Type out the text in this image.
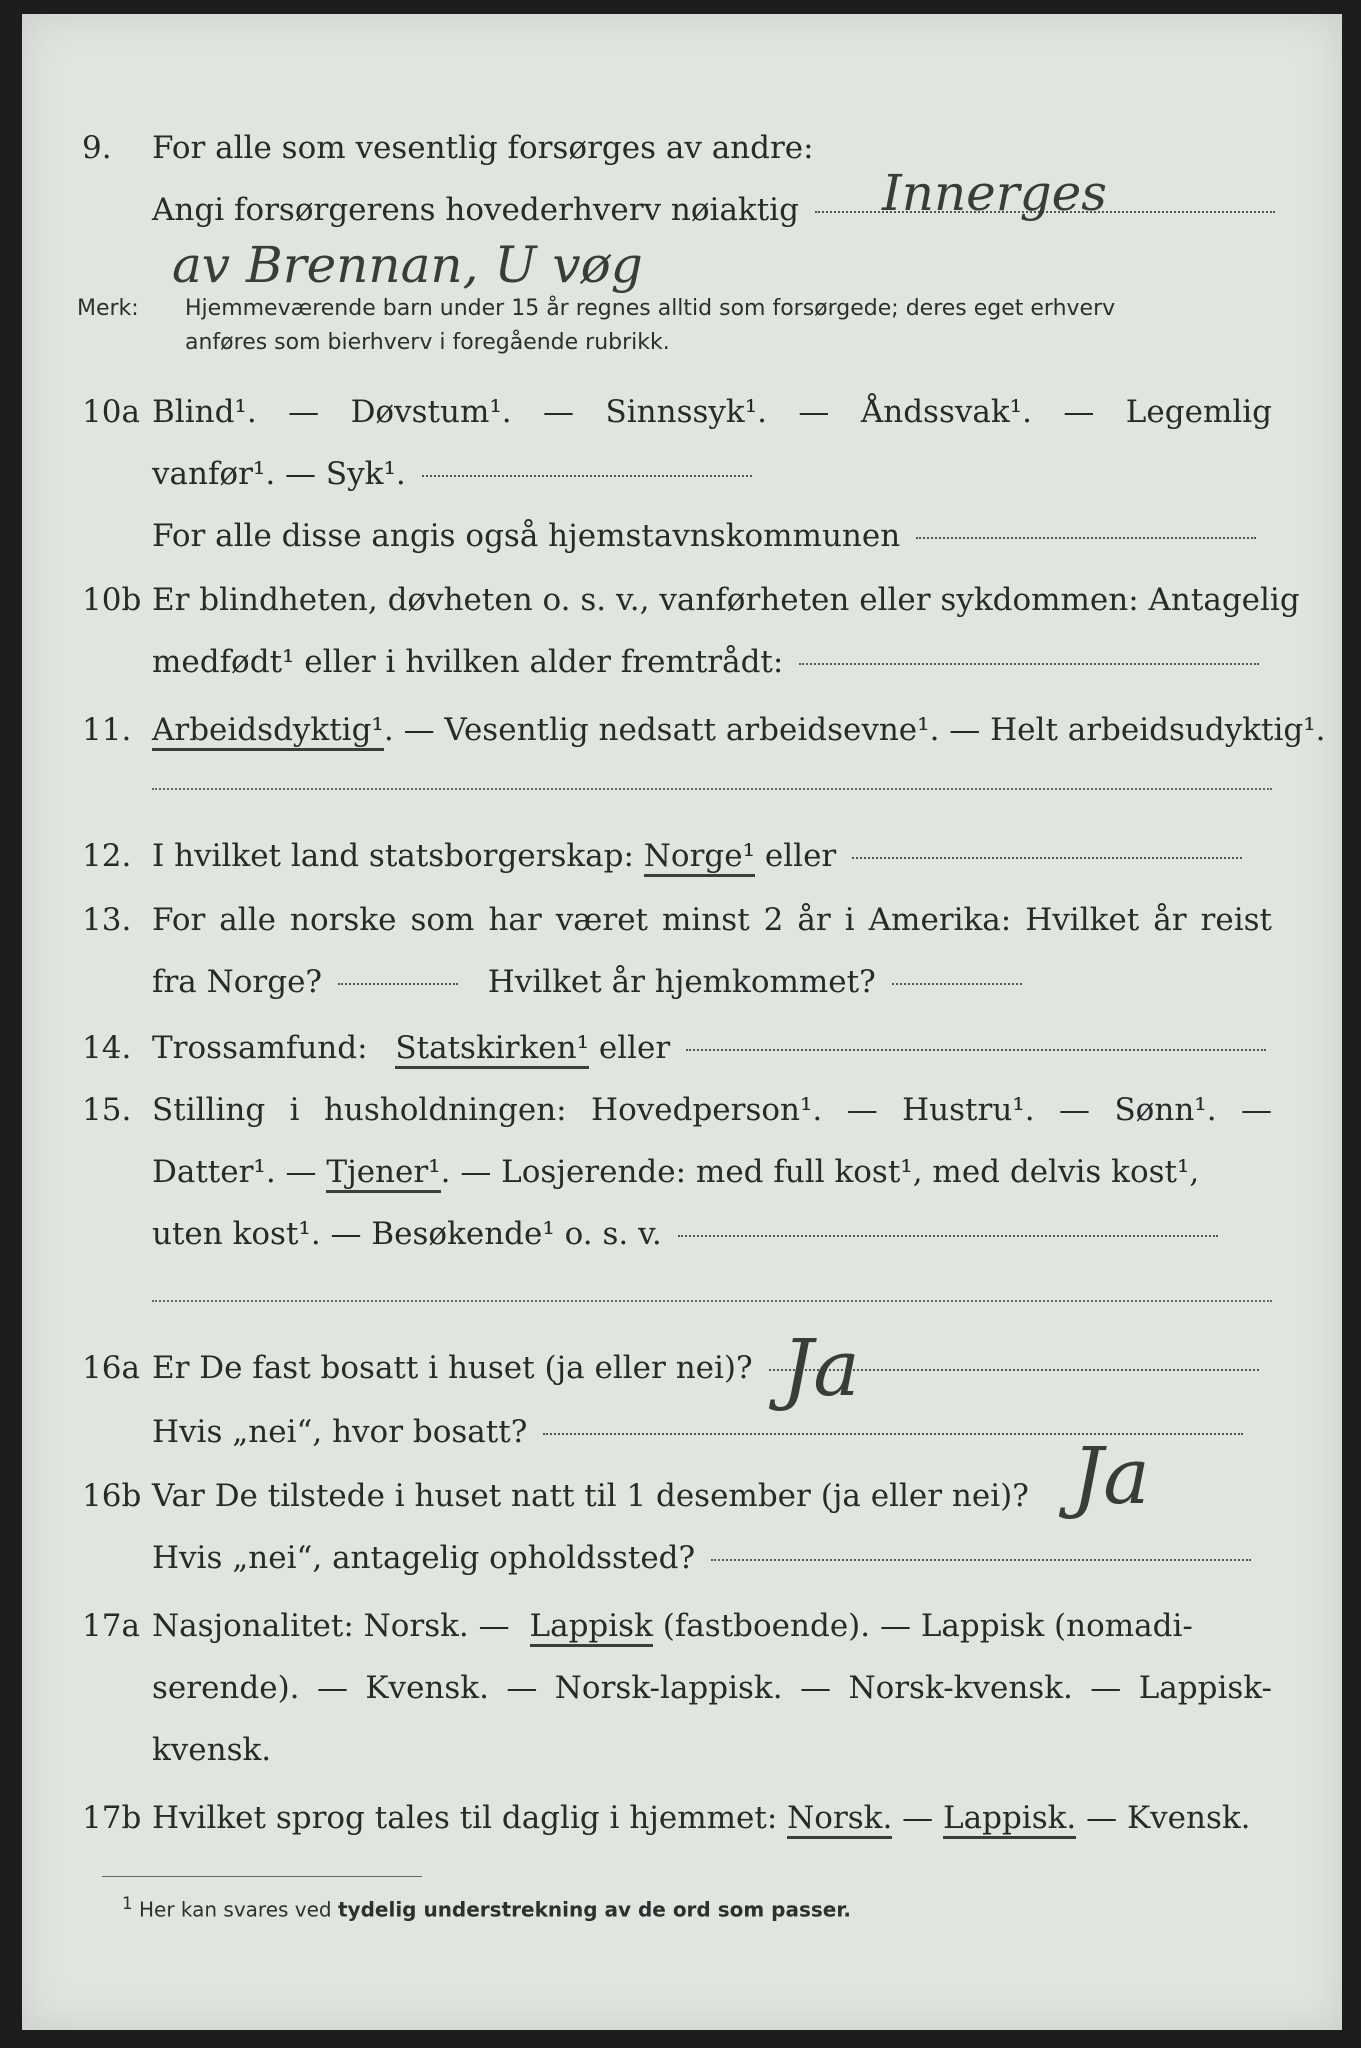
9. For alle som vesentlig forsørges av andre:
Angi forsørgerens hovederhverv nøiaktig	Innerges
av Brennan, U vøg
Merk: Hjemmeværende barn under 15 år regnes alltid som forsørgede; deres eget erhverv
anføres som bierhverv i foregående rubrikk.
10a Blind¹. — Døvstum¹. — Sinnssyk¹. — Åndssvak¹. — Legemlig
vanfør¹. — Syk¹.
For alle disse angis også hjemstavnskommunen
10b Er blindheten, døvheten o. s. v., vanførheten eller sykdommen: Antagelig
medfødt¹ eller i hvilken alder fremtrådt:
11. Arbeidsdyktig¹. — Vesentlig nedsatt arbeidsevne¹. — Helt arbeidsudyktig¹.
12. I hvilket land statsborgerskap: Norge¹ eller
13. For alle norske som har været minst 2 år i Amerika: Hvilket år reist
fra Norge?	Hvilket år hjemkommet?
14. Trossamfund: Statskirken¹ eller
15. Stilling i husholdningen: Hovedperson¹. — Hustru¹. — Sønn¹. —
Datter¹. — Tjener¹. — Losjerende: med full kost¹, med delvis kost¹,
uten kost¹. — Besøkende¹ o. s. v.
16a Er De fast bosatt i huset (ja eller nei)?
Hvis „nei“, hvor bosatt?
Ja
16b Var De tilstede i huset natt til 1 desember (ja eller nei)?
Hvis „nei“, antagelig opholdssted?
Ja
17a Nasjonalitet: Norsk. — Lappisk (fastboende). — Lappisk (nomadi-
serende). — Kvensk. — Norsk-lappisk. — Norsk-kvensk. — Lappisk-
kvensk.
17b Hvilket sprog tales til daglig i hjemmet: Norsk. — Lappisk. — Kvensk.
$^1$ Her kan svares ved tydelig understrekning av de ord som passer.
